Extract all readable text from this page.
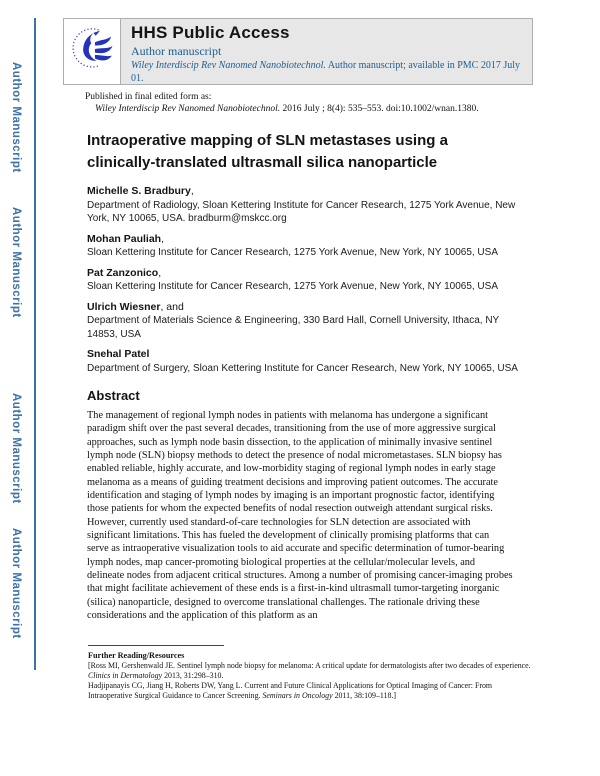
Author Manuscript
Author Manuscript
Author Manuscript
Author Manuscript
HHS Public Access
Author manuscript
Wiley Interdiscip Rev Nanomed Nanobiotechnol. Author manuscript; available in PMC 2017 July 01.
Published in final edited form as:
Wiley Interdiscip Rev Nanomed Nanobiotechnol. 2016 July ; 8(4): 535–553. doi:10.1002/wnan.1380.
Intraoperative mapping of SLN metastases using a clinically-translated ultrasmall silica nanoparticle
Michelle S. Bradbury,
Department of Radiology, Sloan Kettering Institute for Cancer Research, 1275 York Avenue, New York, NY 10065, USA. bradburm@mskcc.org
Mohan Pauliah,
Sloan Kettering Institute for Cancer Research, 1275 York Avenue, New York, NY 10065, USA
Pat Zanzonico,
Sloan Kettering Institute for Cancer Research, 1275 York Avenue, New York, NY 10065, USA
Ulrich Wiesner, and
Department of Materials Science & Engineering, 330 Bard Hall, Cornell University, Ithaca, NY 14853, USA
Snehal Patel
Department of Surgery, Sloan Kettering Institute for Cancer Research, New York, NY 10065, USA
Abstract
The management of regional lymph nodes in patients with melanoma has undergone a significant paradigm shift over the past several decades, transitioning from the use of more aggressive surgical approaches, such as lymph node basin dissection, to the application of minimally invasive sentinel lymph node (SLN) biopsy methods to detect the presence of nodal micrometastases. SLN biopsy has enabled reliable, highly accurate, and low-morbidity staging of regional lymph nodes in early stage melanoma as a means of guiding treatment decisions and improving patient outcomes. The accurate identification and staging of lymph nodes by imaging is an important prognostic factor, identifying those patients for whom the expected benefits of nodal resection outweigh attendant surgical risks. However, currently used standard-of-care technologies for SLN detection are associated with significant limitations. This has fueled the development of clinically promising platforms that can serve as intraoperative visualization tools to aid accurate and specific determination of tumor-bearing lymph nodes, map cancer-promoting biological properties at the cellular/molecular levels, and delineate nodes from adjacent critical structures. Among a number of promising cancer-imaging probes that might facilitate achievement of these ends is a first-in-kind ultrasmall tumor-targeting inorganic (silica) nanoparticle, designed to overcome translational challenges. The rationale driving these considerations and the application of this platform as an
Further Reading/Resources
[Ross MI, Gershenwald JE. Sentinel lymph node biopsy for melanoma: A critical update for dermatologists after two decades of experience. Clinics in Dermatology 2013, 31:298–310.
Hadjipanayis CG, Jiang H, Roberts DW, Yang L. Current and Future Clinical Applications for Optical Imaging of Cancer: From Intraoperative Surgical Guidance to Cancer Screening. Seminars in Oncology 2011, 38:109–118.]
